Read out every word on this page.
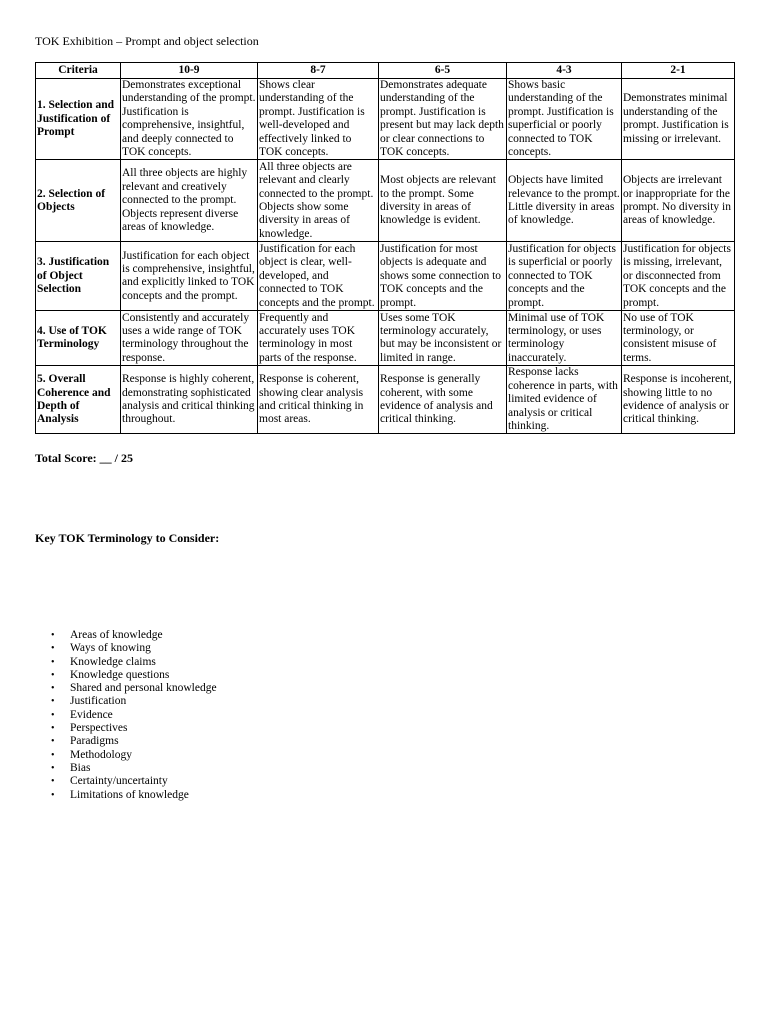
TOK Exhibition – Prompt and object selection
Criteria	10-9	8-7	6-5	4-3	2-1
1. Selection and Justification of Prompt	Demonstrates exceptional understanding of the prompt. Justification is comprehensive, insightful, and deeply connected to TOK concepts.	Shows clear understanding of the prompt. Justification is well-developed and effectively linked to TOK concepts.	Demonstrates adequate understanding of the prompt. Justification is present but may lack depth or clear connections to TOK concepts.	Shows basic understanding of the prompt. Justification is superficial or poorly connected to TOK concepts.	Demonstrates minimal understanding of the prompt. Justification is missing or irrelevant.
2. Selection of Objects	All three objects are highly relevant and creatively connected to the prompt. Objects represent diverse areas of knowledge.	All three objects are relevant and clearly connected to the prompt. Objects show some diversity in areas of knowledge.	Most objects are relevant to the prompt. Some diversity in areas of knowledge is evident.	Objects have limited relevance to the prompt. Little diversity in areas of knowledge.	Objects are irrelevant or inappropriate for the prompt. No diversity in areas of knowledge.
3. Justification of Object Selection	Justification for each object is comprehensive, insightful, and explicitly linked to TOK concepts and the prompt.	Justification for each object is clear, well-developed, and connected to TOK concepts and the prompt.	Justification for most objects is adequate and shows some connection to TOK concepts and the prompt.	Justification for objects is superficial or poorly connected to TOK concepts and the prompt.	Justification for objects is missing, irrelevant, or disconnected from TOK concepts and the prompt.
4. Use of TOK Terminology	Consistently and accurately uses a wide range of TOK terminology throughout the response.	Frequently and accurately uses TOK terminology in most parts of the response.	Uses some TOK terminology accurately, but may be inconsistent or limited in range.	Minimal use of TOK terminology, or uses terminology inaccurately.	No use of TOK terminology, or consistent misuse of terms.
5. Overall Coherence and Depth of Analysis	Response is highly coherent, demonstrating sophisticated analysis and critical thinking throughout.	Response is coherent, showing clear analysis and critical thinking in most areas.	Response is generally coherent, with some evidence of analysis and critical thinking.	Response lacks coherence in parts, with limited evidence of analysis or critical thinking.	Response is incoherent, showing little to no evidence of analysis or critical thinking.
Total Score: __ / 25
Key TOK Terminology to Consider:
• Areas of knowledge
• Ways of knowing
• Knowledge claims
• Knowledge questions
• Shared and personal knowledge
• Justification
• Evidence
• Perspectives
• Paradigms
• Methodology
• Bias
• Certainty/uncertainty
• Limitations of knowledge
